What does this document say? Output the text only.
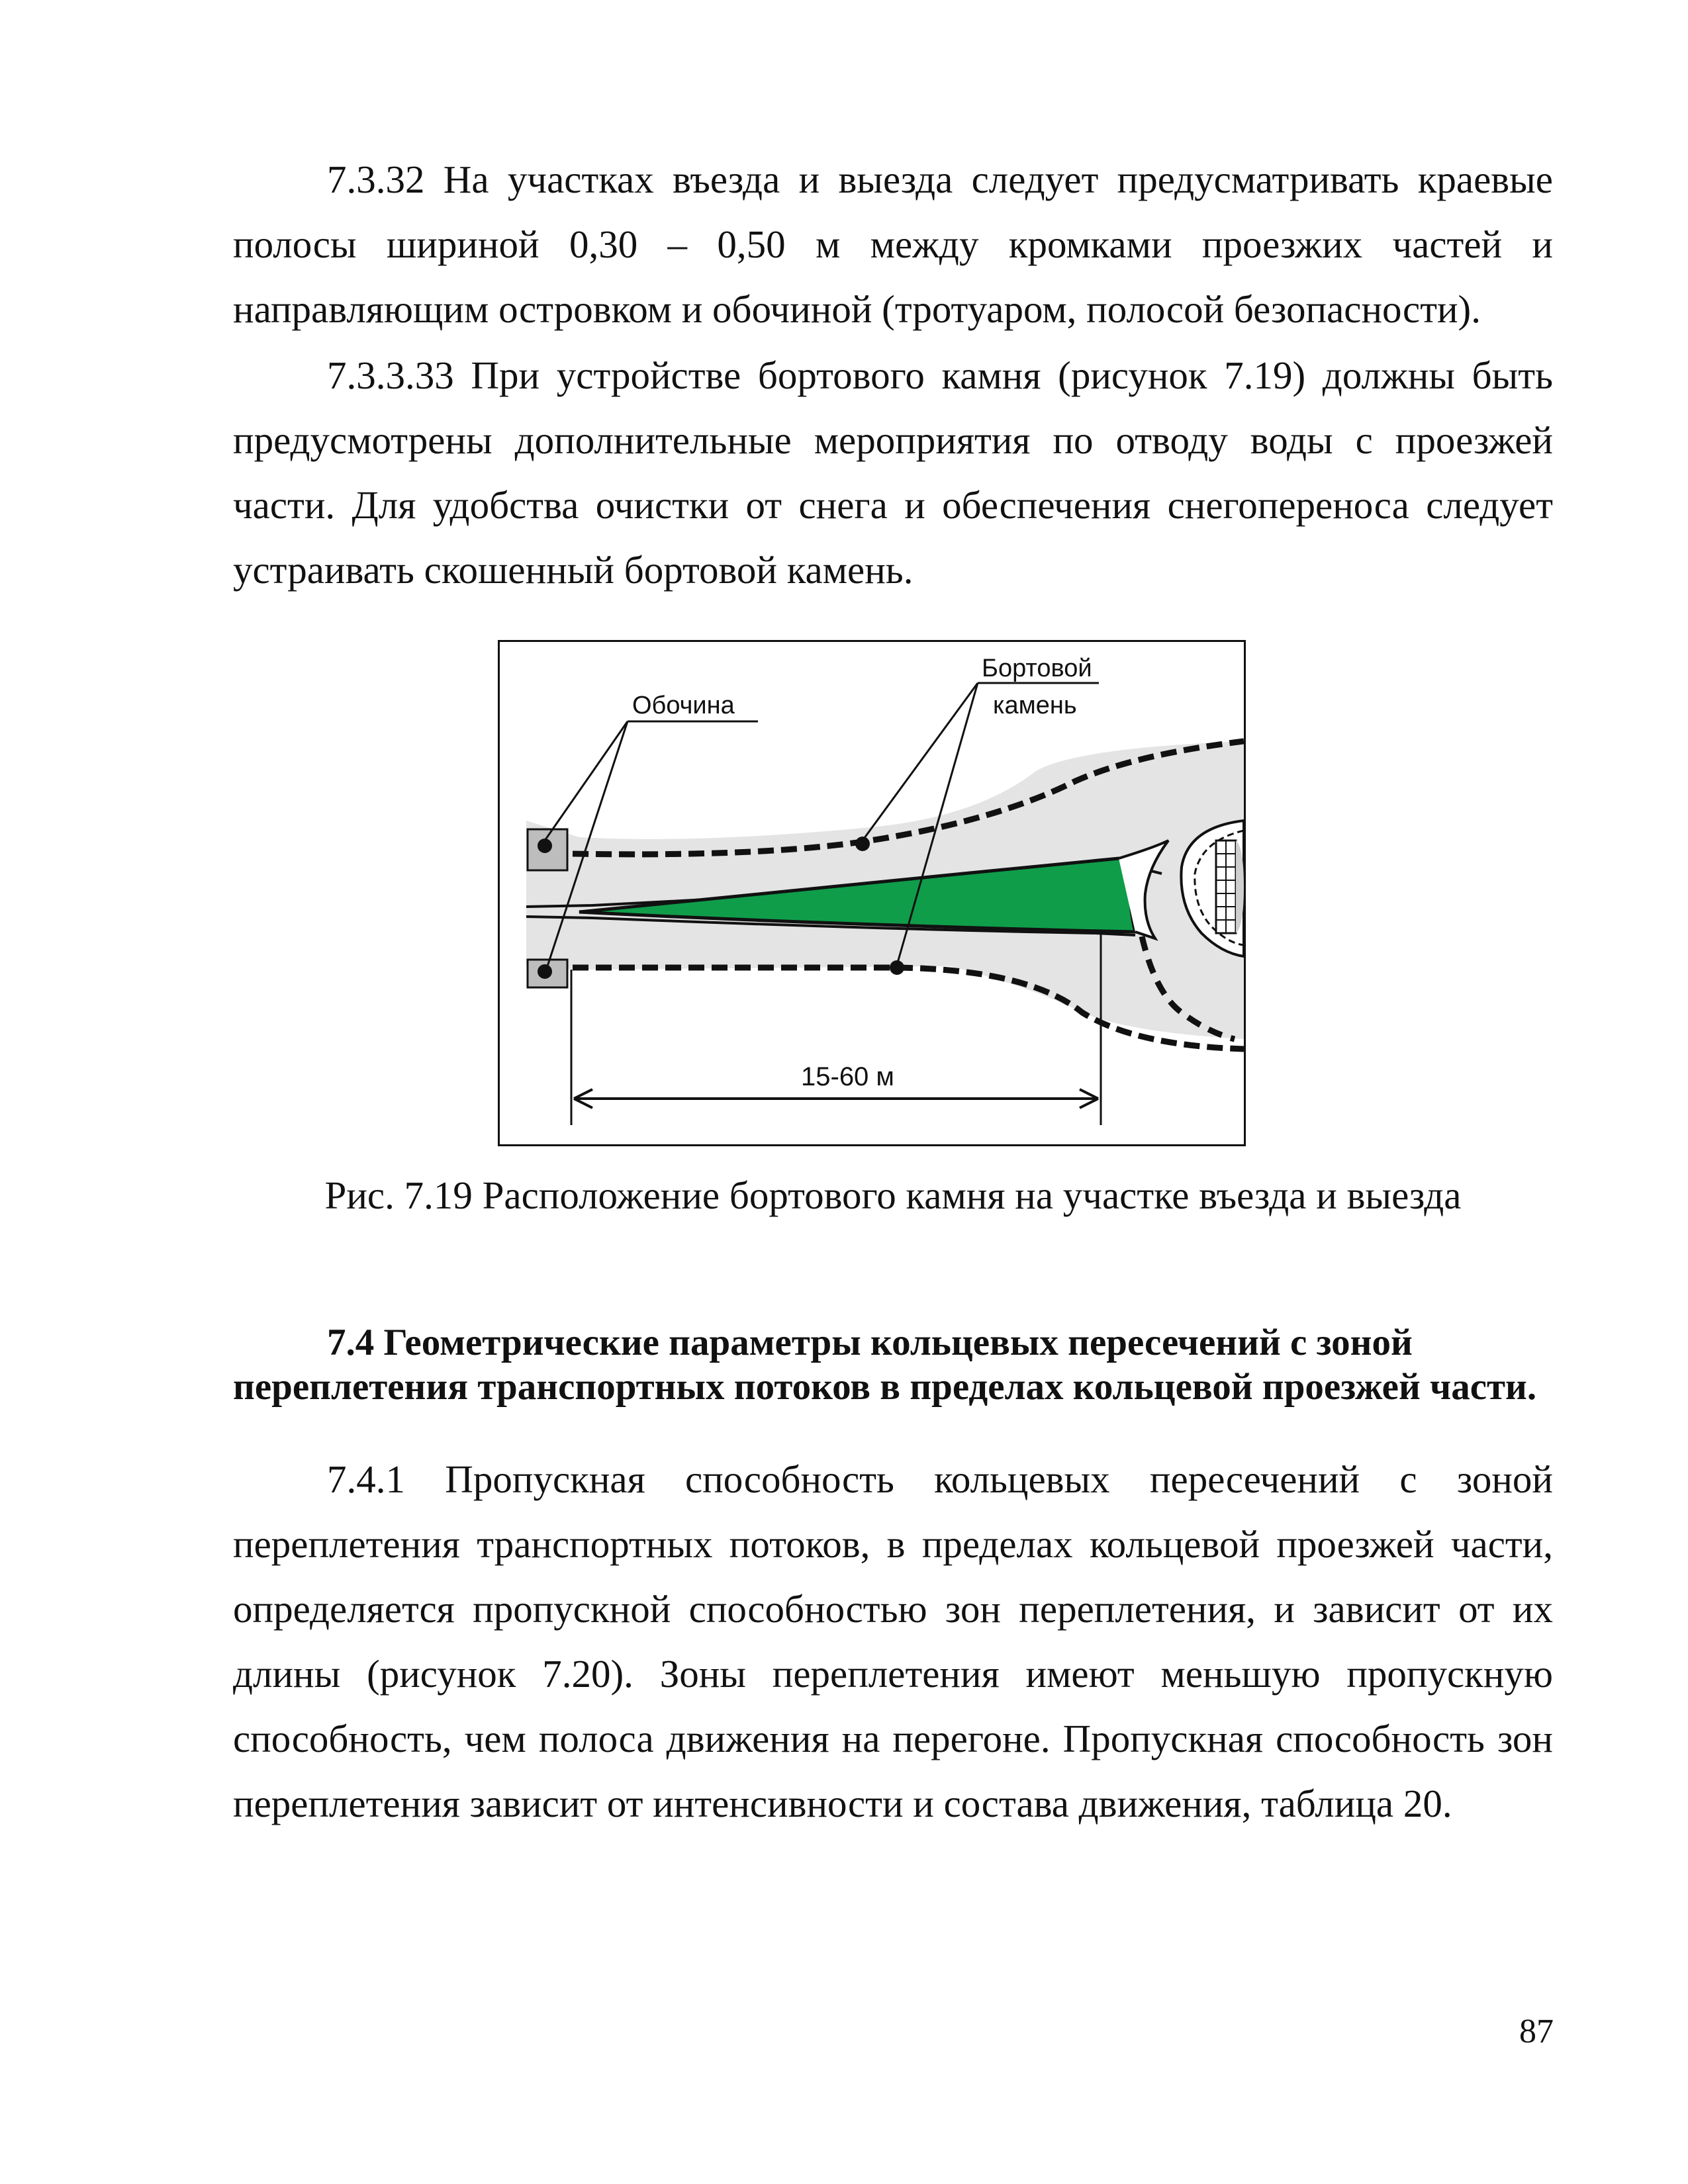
7.3.32 На участках въезда и выезда следует предусматривать краевые полосы шириной 0,30 – 0,50 м между кромками проезжих частей и направляющим островком и обочиной (тротуаром, полосой безопасности).

7.3.3.33 При устройстве бортового камня (рисунок 7.19) должны быть предусмотрены дополнительные мероприятия по отводу воды с проезжей части. Для удобства очистки от снега и обеспечения снегопереноса следует устраивать скошенный бортовой камень.

Обочина
Бортовой
камень
15-60 м

Рис. 7.19 Расположение бортового камня на участке въезда и выезда

7.4 Геометрические параметры кольцевых пересечений с зоной переплетения транспортных потоков в пределах кольцевой проезжей части.

7.4.1 Пропускная способность кольцевых пересечений с зоной переплетения транспортных потоков, в пределах кольцевой проезжей части, определяется пропускной способностью зон переплетения, и зависит от их длины (рисунок 7.20). Зоны переплетения имеют меньшую пропускную способность, чем полоса движения на перегоне. Пропускная способность зон переплетения зависит от интенсивности и состава движения, таблица 20.

87
